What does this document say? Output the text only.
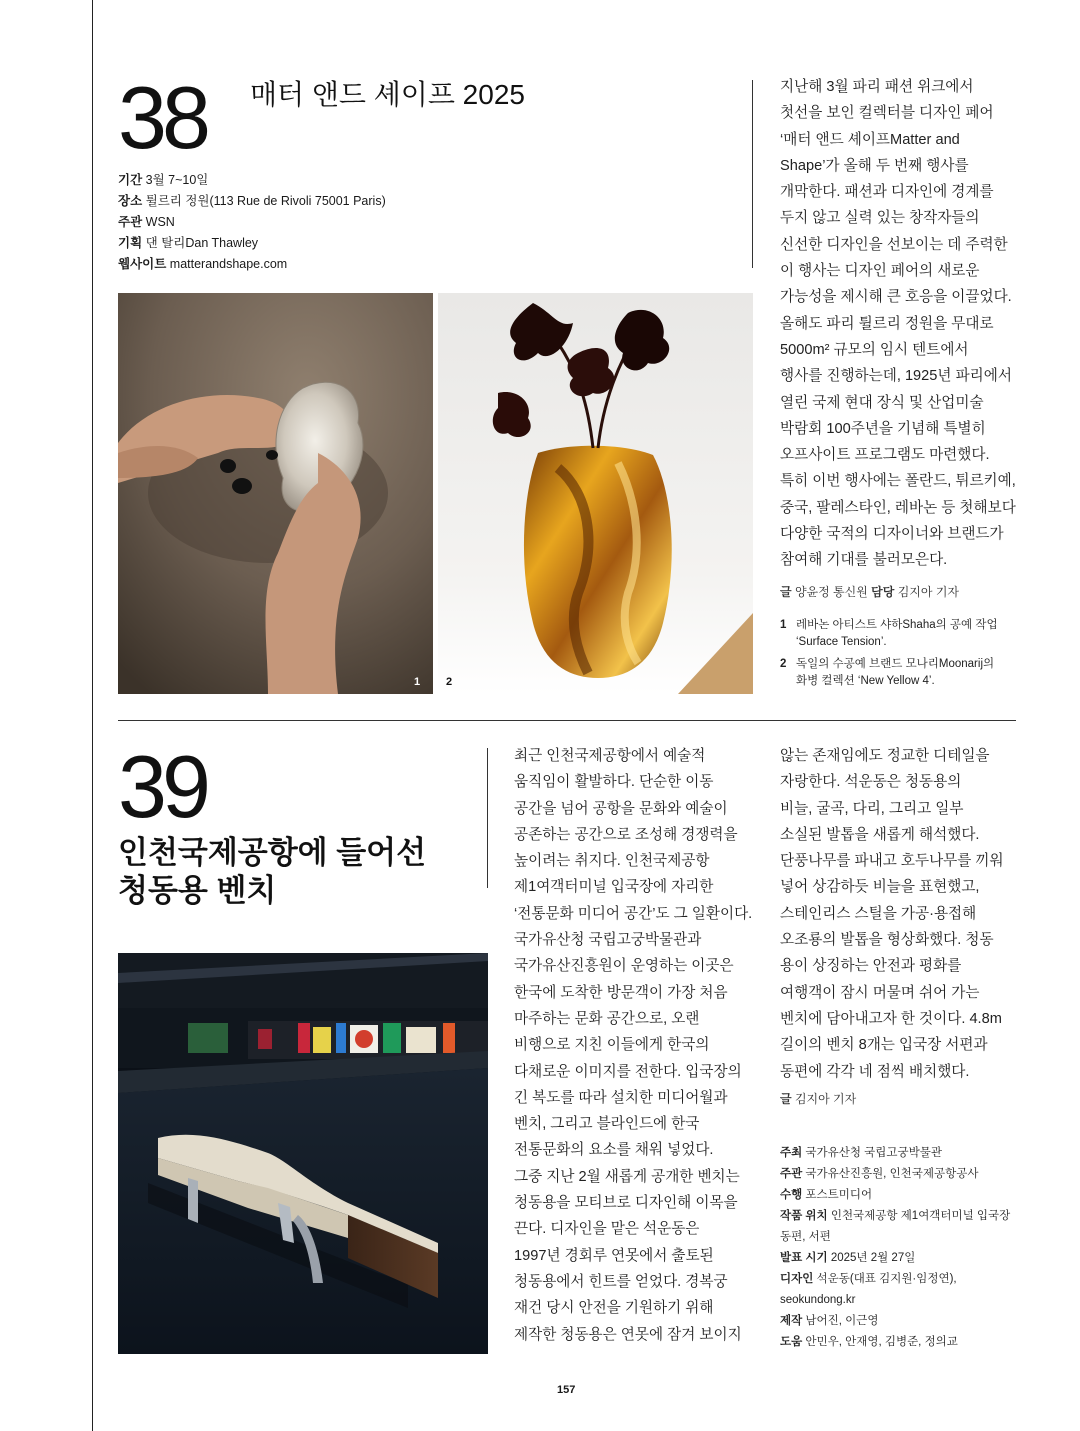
38 매터 앤드 셰이프 2025
기간 3월 7~10일
장소 튈르리 정원(113 Rue de Rivoli 75001 Paris)
주관 WSN
기획 댄 탈리Dan Thawley
웹사이트 matterandshape.com
지난해 3월 파리 패션 위크에서
첫선을 보인 컬렉터블 디자인 페어
‘매터 앤드 셰이프Matter and
Shape’가 올해 두 번째 행사를
개막한다. 패션과 디자인에 경계를
두지 않고 실력 있는 창작자들의
신선한 디자인을 선보이는 데 주력한
이 행사는 디자인 페어의 새로운
가능성을 제시해 큰 호응을 이끌었다.
올해도 파리 튈르리 정원을 무대로
5000m² 규모의 임시 텐트에서
행사를 진행하는데, 1925년 파리에서
열린 국제 현대 장식 및 산업미술
박람회 100주년을 기념해 특별히
오프사이트 프로그램도 마련했다.
특히 이번 행사에는 폴란드, 튀르키예,
중국, 팔레스타인, 레바논 등 첫해보다
다양한 국적의 디자이너와 브랜드가
참여해 기대를 불러모은다.
글 양윤정 통신원 담당 김지아 기자
1 레바논 아티스트 샤하Shaha의 공예 작업
‘Surface Tension’.
2 독일의 수공예 브랜드 모나리Moonarij의
화병 컬렉션 ‘New Yellow 4’.
1 2
39
인천국제공항에 들어선
청동용 벤치
최근 인천국제공항에서 예술적
움직임이 활발하다. 단순한 이동
공간을 넘어 공항을 문화와 예술이
공존하는 공간으로 조성해 경쟁력을
높이려는 취지다. 인천국제공항
제1여객터미널 입국장에 자리한
‘전통문화 미디어 공간’도 그 일환이다.
국가유산청 국립고궁박물관과
국가유산진흥원이 운영하는 이곳은
한국에 도착한 방문객이 가장 처음
마주하는 문화 공간으로, 오랜
비행으로 지친 이들에게 한국의
다채로운 이미지를 전한다. 입국장의
긴 복도를 따라 설치한 미디어월과
벤치, 그리고 블라인드에 한국
전통문화의 요소를 채워 넣었다.
그중 지난 2월 새롭게 공개한 벤치는
청동용을 모티브로 디자인해 이목을
끈다. 디자인을 맡은 석운동은
1997년 경회루 연못에서 출토된
청동용에서 힌트를 얻었다. 경복궁
재건 당시 안전을 기원하기 위해
제작한 청동용은 연못에 잠겨 보이지
않는 존재임에도 정교한 디테일을
자랑한다. 석운동은 청동용의
비늘, 굴곡, 다리, 그리고 일부
소실된 발톱을 새롭게 해석했다.
단풍나무를 파내고 호두나무를 끼워
넣어 상감하듯 비늘을 표현했고,
스테인리스 스틸을 가공·용접해
오조룡의 발톱을 형상화했다. 청동
용이 상징하는 안전과 평화를
여행객이 잠시 머물며 쉬어 가는
벤치에 담아내고자 한 것이다. 4.8m
길이의 벤치 8개는 입국장 서편과
동편에 각각 네 점씩 배치했다.
글 김지아 기자
주최 국가유산청 국립고궁박물관
주관 국가유산진흥원, 인천국제공항공사
수행 포스트미디어
작품 위치 인천국제공항 제1여객터미널 입국장
동편, 서편
발표 시기 2025년 2월 27일
디자인 석운동(대표 김지원·임정연),
seokundong.kr
제작 남어진, 이근영
도움 안민우, 안재영, 김병준, 정의교
157
